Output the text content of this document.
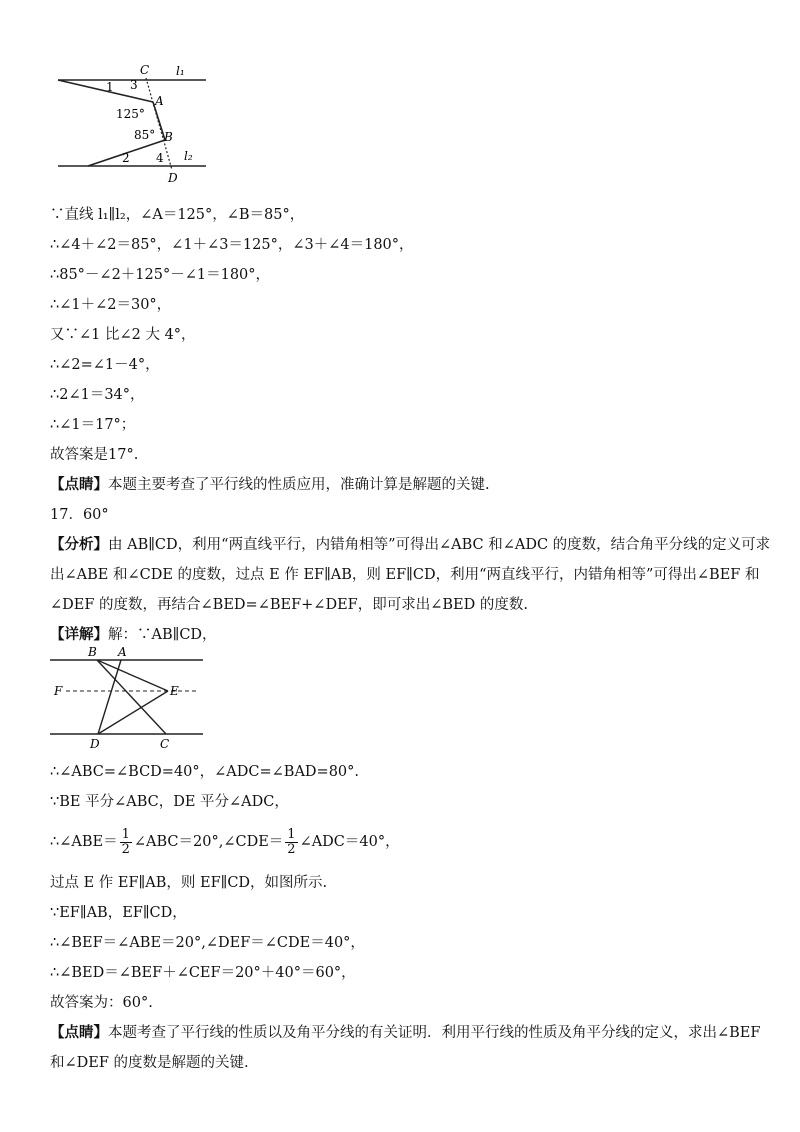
C l₁
3
1
A
125°
85° B
2 4 l₂
D
∵直线 l₁∥l₂，∠A＝125°，∠B＝85°，
∴∠4＋∠2＝85°，∠1＋∠3＝125°，∠3＋∠4＝180°，
∴85°－∠2＋125°－∠1＝180°，
∴∠1＋∠2＝30°，
又∵∠1 比∠2 大 4°，
∴∠2=∠1－4°，
∴2∠1＝34°，
∴∠1＝17°；
故答案是17°.
【点睛】本题主要考查了平行线的性质应用，准确计算是解题的关键.
17．60°
【分析】由 AB∥CD，利用“两直线平行，内错角相等”可得出∠ABC 和∠ADC 的度数，结合角平分线的定义可求
出∠ABE 和∠CDE 的度数，过点 E 作 EF∥AB，则 EF∥CD，利用“两直线平行，内错角相等”可得出∠BEF 和
∠DEF 的度数，再结合∠BED=∠BEF+∠DEF，即可求出∠BED 的度数.
【详解】解：∵AB∥CD，
B A
F	E
D	C
∴∠ABC=∠BCD=40°，∠ADC=∠BAD=80°.
∵BE 平分∠ABC，DE 平分∠ADC，
∴∠ABE＝ $\frac{1}{2}$ ∠ABC＝20°,∠CDE＝ $\frac{1}{2}$ ∠ADC＝40°，
过点 E 作 EF∥AB，则 EF∥CD，如图所示.
∵EF∥AB，EF∥CD，
∴∠BEF＝∠ABE＝20°,∠DEF＝∠CDE＝40°，
∴∠BED＝∠BEF＋∠CEF＝20°＋40°＝60°，
故答案为：60°.
【点睛】本题考查了平行线的性质以及角平分线的有关证明．利用平行线的性质及角平分线的定义，求出∠BEF
和∠DEF 的度数是解题的关键.
